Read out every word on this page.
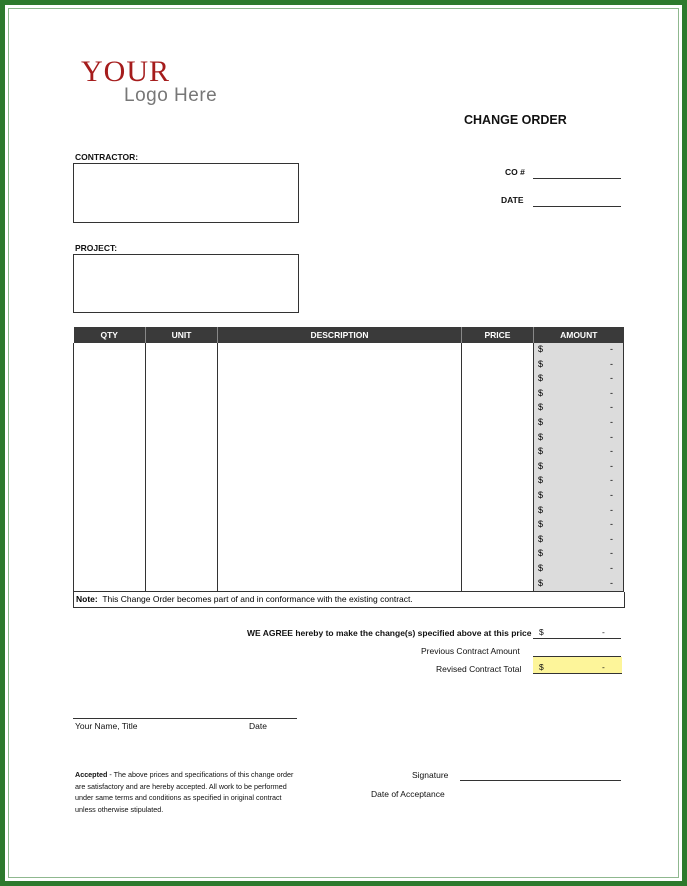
YOUR
Logo Here
CHANGE ORDER
CONTRACTOR:
PROJECT:
CO #
DATE
QTY	UNIT	DESCRIPTION	PRICE	AMOUNT

				$ -

				$ -

				$ -

				$ -

				$ -

				$ -

				$ -

				$ -

				$ -

				$ -

				$ -

				$ -

				$ -

				$ -

				$ -

				$ -

				$ -
Note: This Change Order becomes part of and in conformance with the existing contract.
WE AGREE hereby to make the change(s) specified above at this price $	-
Previous Contract Amount
Revised Contract Total $	-
Your Name, Title	Date
Accepted - The above prices and specifications of this change order are satisfactory and are hereby accepted. All work to be performed under same terms and conditions as specified in original contract unless otherwise stipulated.
Signature
Date of Acceptance
